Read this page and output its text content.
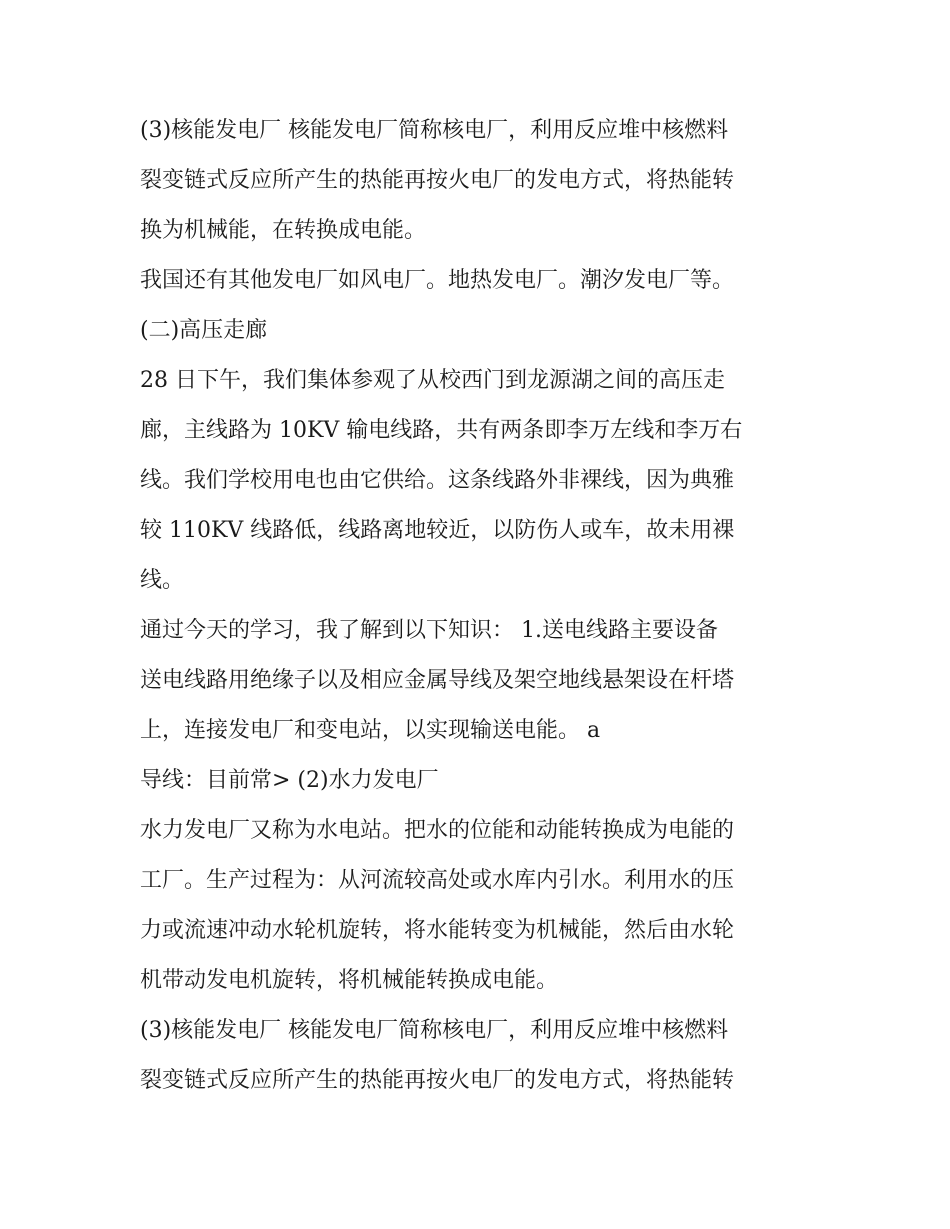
(3)核能发电厂 核能发电厂简称核电厂，利用反应堆中核燃料
裂变链式反应所产生的热能再按火电厂的发电方式，将热能转
换为机械能，在转换成电能。

我国还有其他发电厂如风电厂。地热发电厂。潮汐发电厂等。

(二)高压走廊

28 日下午，我们集体参观了从校西门到龙源湖之间的高压走
廊，主线路为 10KV 输电线路，共有两条即李万左线和李万右
线。我们学校用电也由它供给。这条线路外非裸线，因为典雅
较 110KV 线路低，线路离地较近，以防伤人或车，故未用裸
线。

通过今天的学习，我了解到以下知识： 1.送电线路主要设备

送电线路用绝缘子以及相应金属导线及架空地线悬架设在杆塔
上，连接发电厂和变电站，以实现输送电能。 a

导线：目前常> (2)水力发电厂

水力发电厂又称为水电站。把水的位能和动能转换成为电能的
工厂。生产过程为：从河流较高处或水库内引水。利用水的压
力或流速冲动水轮机旋转，将水能转变为机械能，然后由水轮
机带动发电机旋转，将机械能转换成电能。

(3)核能发电厂 核能发电厂简称核电厂，利用反应堆中核燃料
裂变链式反应所产生的热能再按火电厂的发电方式，将热能转
